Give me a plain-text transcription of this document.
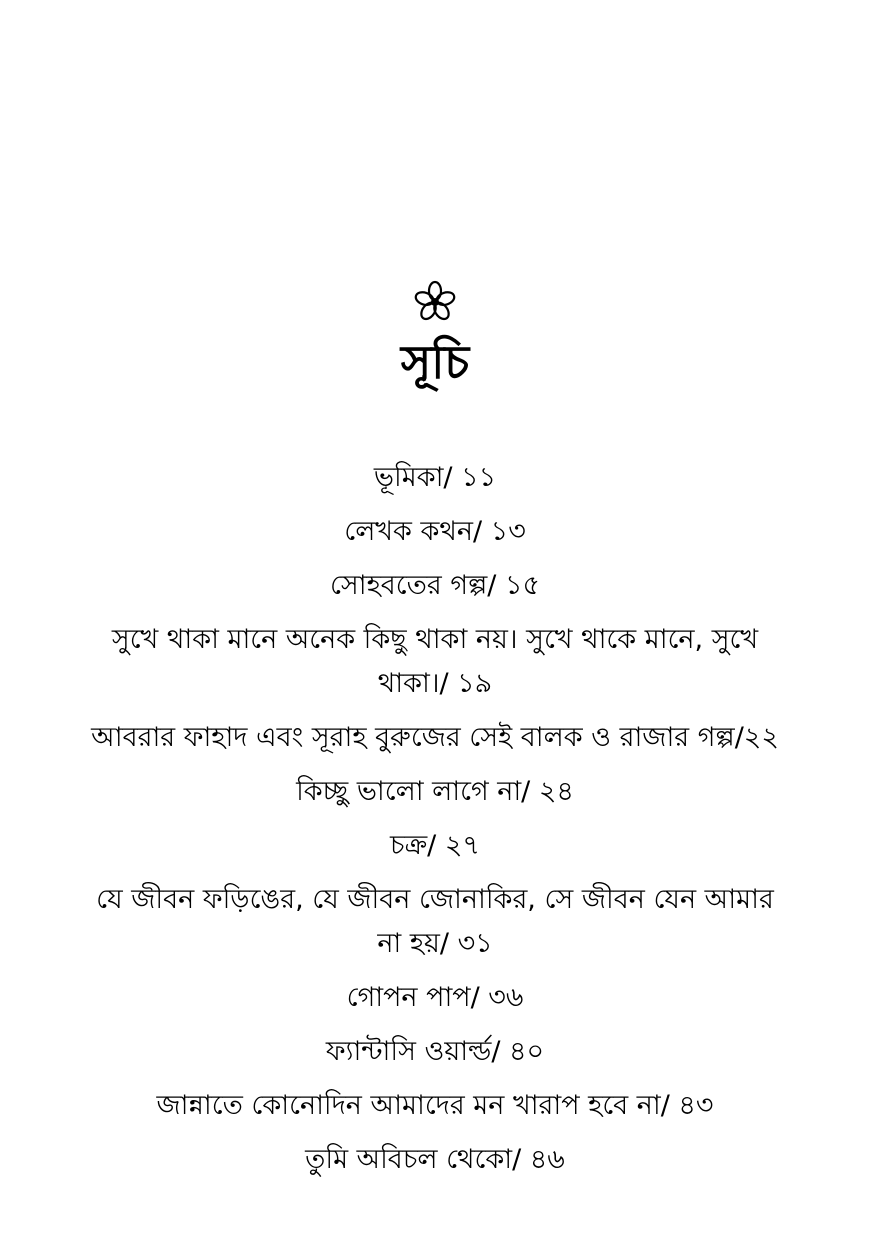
সূচি
ভূমিকা/ ১১
লেখক কথন/ ১৩
সোহবতের গল্প/ ১৫
সুখে থাকা মানে অনেক কিছু থাকা নয়। সুখে থাকে মানে, সুখে থাকা।/ ১৯
আবরার ফাহাদ এবং সূরাহ বুরুজের সেই বালক ও রাজার গল্প/২২
কিচ্ছু ভালো লাগে না/ ২৪
চক্র/ ২৭
যে জীবন ফড়িঙের, যে জীবন জোনাকির, সে জীবন যেন আমার না হয়/ ৩১
গোপন পাপ/ ৩৬
ফ্যান্টাসি ওয়ার্ল্ড/ ৪০
জান্নাতে কোনোদিন আমাদের মন খারাপ হবে না/ ৪৩
তুমি অবিচল থেকো/ ৪৬
